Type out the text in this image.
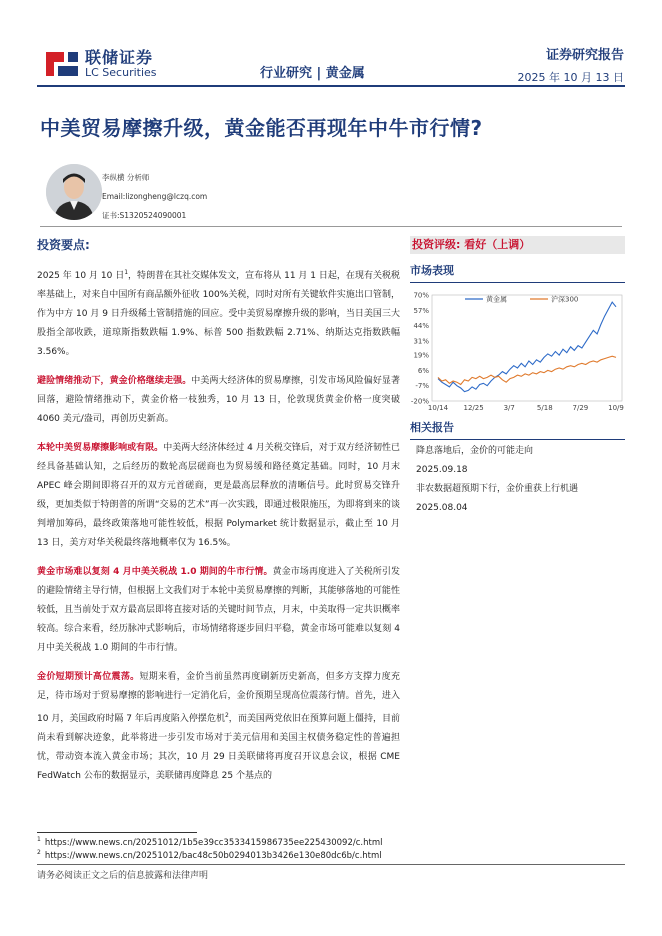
联储证券
LC Securities	行业研究 | 黄金属
证券研究报告
2025 年 10 月 13 日
中美贸易摩擦升级，黄金能否再现年中牛市行情?
李纵横 分析师
Email:lizongheng@lczq.com
证书:S1320524090001
投资要点:

2025 年 10 月 10 日$^1$，特朗普在其社交媒体发文，宣布将从 11 月 1 日起，在现有关税税率基础上，对来自中国所有商品额外征收 100%关税，同时对所有关键软件实施出口管制，作为中方 10 月 9 日升级稀土管制措施的回应。受中美贸易摩擦升级的影响，当日美国三大股指全部收跌，道琼斯指数跌幅 1.9%、标普 500 指数跌幅 2.71%、纳斯达克指数跌幅 3.56%。

避险情绪推动下，黄金价格继续走强。中美两大经济体的贸易摩擦，引发市场风险偏好显著回落，避险情绪推动下，黄金价格一枝独秀，10 月 13 日，伦敦现货黄金价格一度突破 4060 美元/盎司，再创历史新高。

本轮中美贸易摩擦影响或有限。中美两大经济体经过 4 月关税交锋后，对于双方经济韧性已经具备基础认知，之后经历的数轮高层磋商也为贸易缓和路径奠定基础。同时，10 月末 APEC 峰会期间即将召开的双方元首磋商，更是最高层释放的清晰信号。此时贸易交锋升级，更加类似于特朗普的所谓“交易的艺术”再一次实践，即通过极限施压，为即将到来的谈判增加筹码，最终政策落地可能性较低，根据 Polymarket 统计数据显示，截止至 10 月 13 日，美方对华关税最终落地概率仅为 16.5%。

黄金市场难以复刻 4 月中美关税战 1.0 期间的牛市行情。黄金市场再度进入了关税所引发的避险情绪主导行情，但根据上文我们对于本轮中美贸易摩擦的判断，其能够落地的可能性较低，且当前处于双方最高层即将直接对话的关键时间节点，月末，中美取得一定共识概率较高。综合来看，经历脉冲式影响后，市场情绪将逐步回归平稳，黄金市场可能难以复刻 4 月中美关税战 1.0 期间的牛市行情。

金价短期预计高位震荡。短期来看，金价当前虽然再度刷新历史新高，但多方支撑力度充足，待市场对于贸易摩擦的影响进行一定消化后，金价预期呈现高位震荡行情。首先，进入 10 月，美国政府时隔 7 年后再度陷入停摆危机$^2$，而美国两党依旧在预算问题上僵持，目前尚未看到解决迹象，此举将进一步引发市场对于美元信用和美国主权债务稳定性的普遍担忧，带动资本流入黄金市场；其次，10 月 29 日美联储将再度召开议息会议，根据 CME FedWatch 公布的数据显示，美联储再度降息 25 个基点的

投资评级: 看好（上调）
市场表现
70%
57%
44%
31%
19%
6%
-7%
-20%
10/14 12/25	3/7	5/18	7/29	10/9
黄金属	沪深300
相关报告
降息落地后，金价的可能走向
2025.09.18
非农数据超预期下行，金价重获上行机遇
2025.08.04
$^1$ https://www.news.cn/20251012/1b5e39cc3533415986735ee225430092/c.html
$^2$ https://www.news.cn/20251012/bac48c50b0294013b3426e130e80dc6b/c.html
请务必阅读正文之后的信息披露和法律声明
